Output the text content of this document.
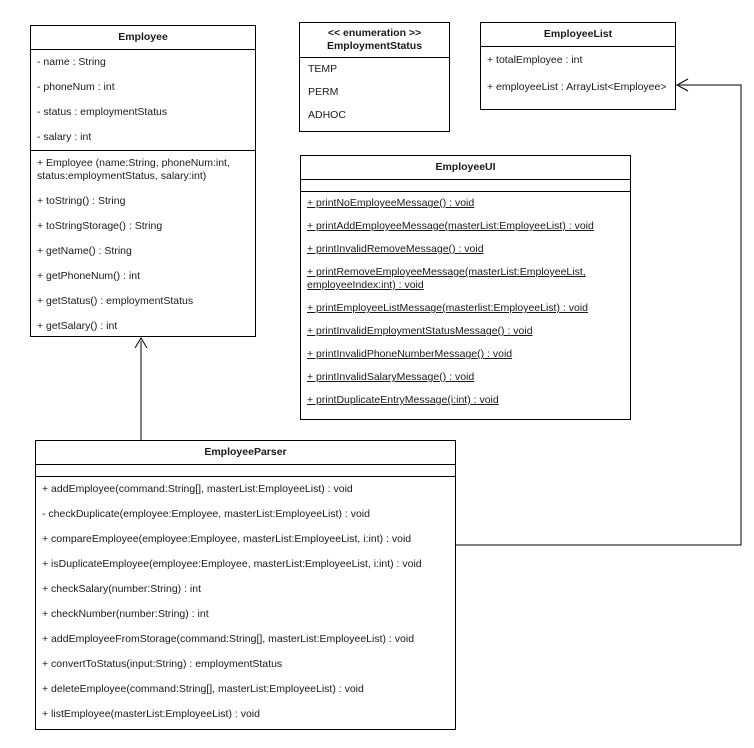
Employee
- name : String
- phoneNum : int
- status : employmentStatus
- salary : int
+ Employee (name:String, phoneNum:int, status:employmentStatus, salary:int)
+ toString() : String
+ toStringStorage() : String
+ getName() : String
+ getPhoneNum() : int
+ getStatus() : employmentStatus
+ getSalary() : int
<< enumeration >>
EmploymentStatus
TEMP
PERM
ADHOC
EmployeeList
+ totalEmployee : int
+ employeeList : ArrayList<Employee>
EmployeeUI
+ printNoEmployeeMessage() : void
+ printAddEmployeeMessage(masterList:EmployeeList) : void
+ printInvalidRemoveMessage() : void
+ printRemoveEmployeeMessage(masterList:EmployeeList, employeeIndex:int) : void
+ printEmployeeListMessage(masterlist:EmployeeList) : void
+ printInvalidEmploymentStatusMessage() : void
+ printInvalidPhoneNumberMessage() : void
+ printInvalidSalaryMessage() : void
+ printDuplicateEntryMessage(i:int) : void
EmployeeParser
+ addEmployee(command:String[], masterList:EmployeeList) : void
- checkDuplicate(employee:Employee, masterList:EmployeeList) : void
+ compareEmployee(employee:Employee, masterList:EmployeeList, i:int) : void
+ isDuplicateEmployee(employee:Employee, masterList:EmployeeList, i:int) : void
+ checkSalary(number:String) : int
+ checkNumber(number:String) : int
+ addEmployeeFromStorage(command:String[], masterList:EmployeeList) : void
+ convertToStatus(input:String) : employmentStatus
+ deleteEmployee(command:String[], masterList:EmployeeList) : void
+ listEmployee(masterList:EmployeeList) : void
